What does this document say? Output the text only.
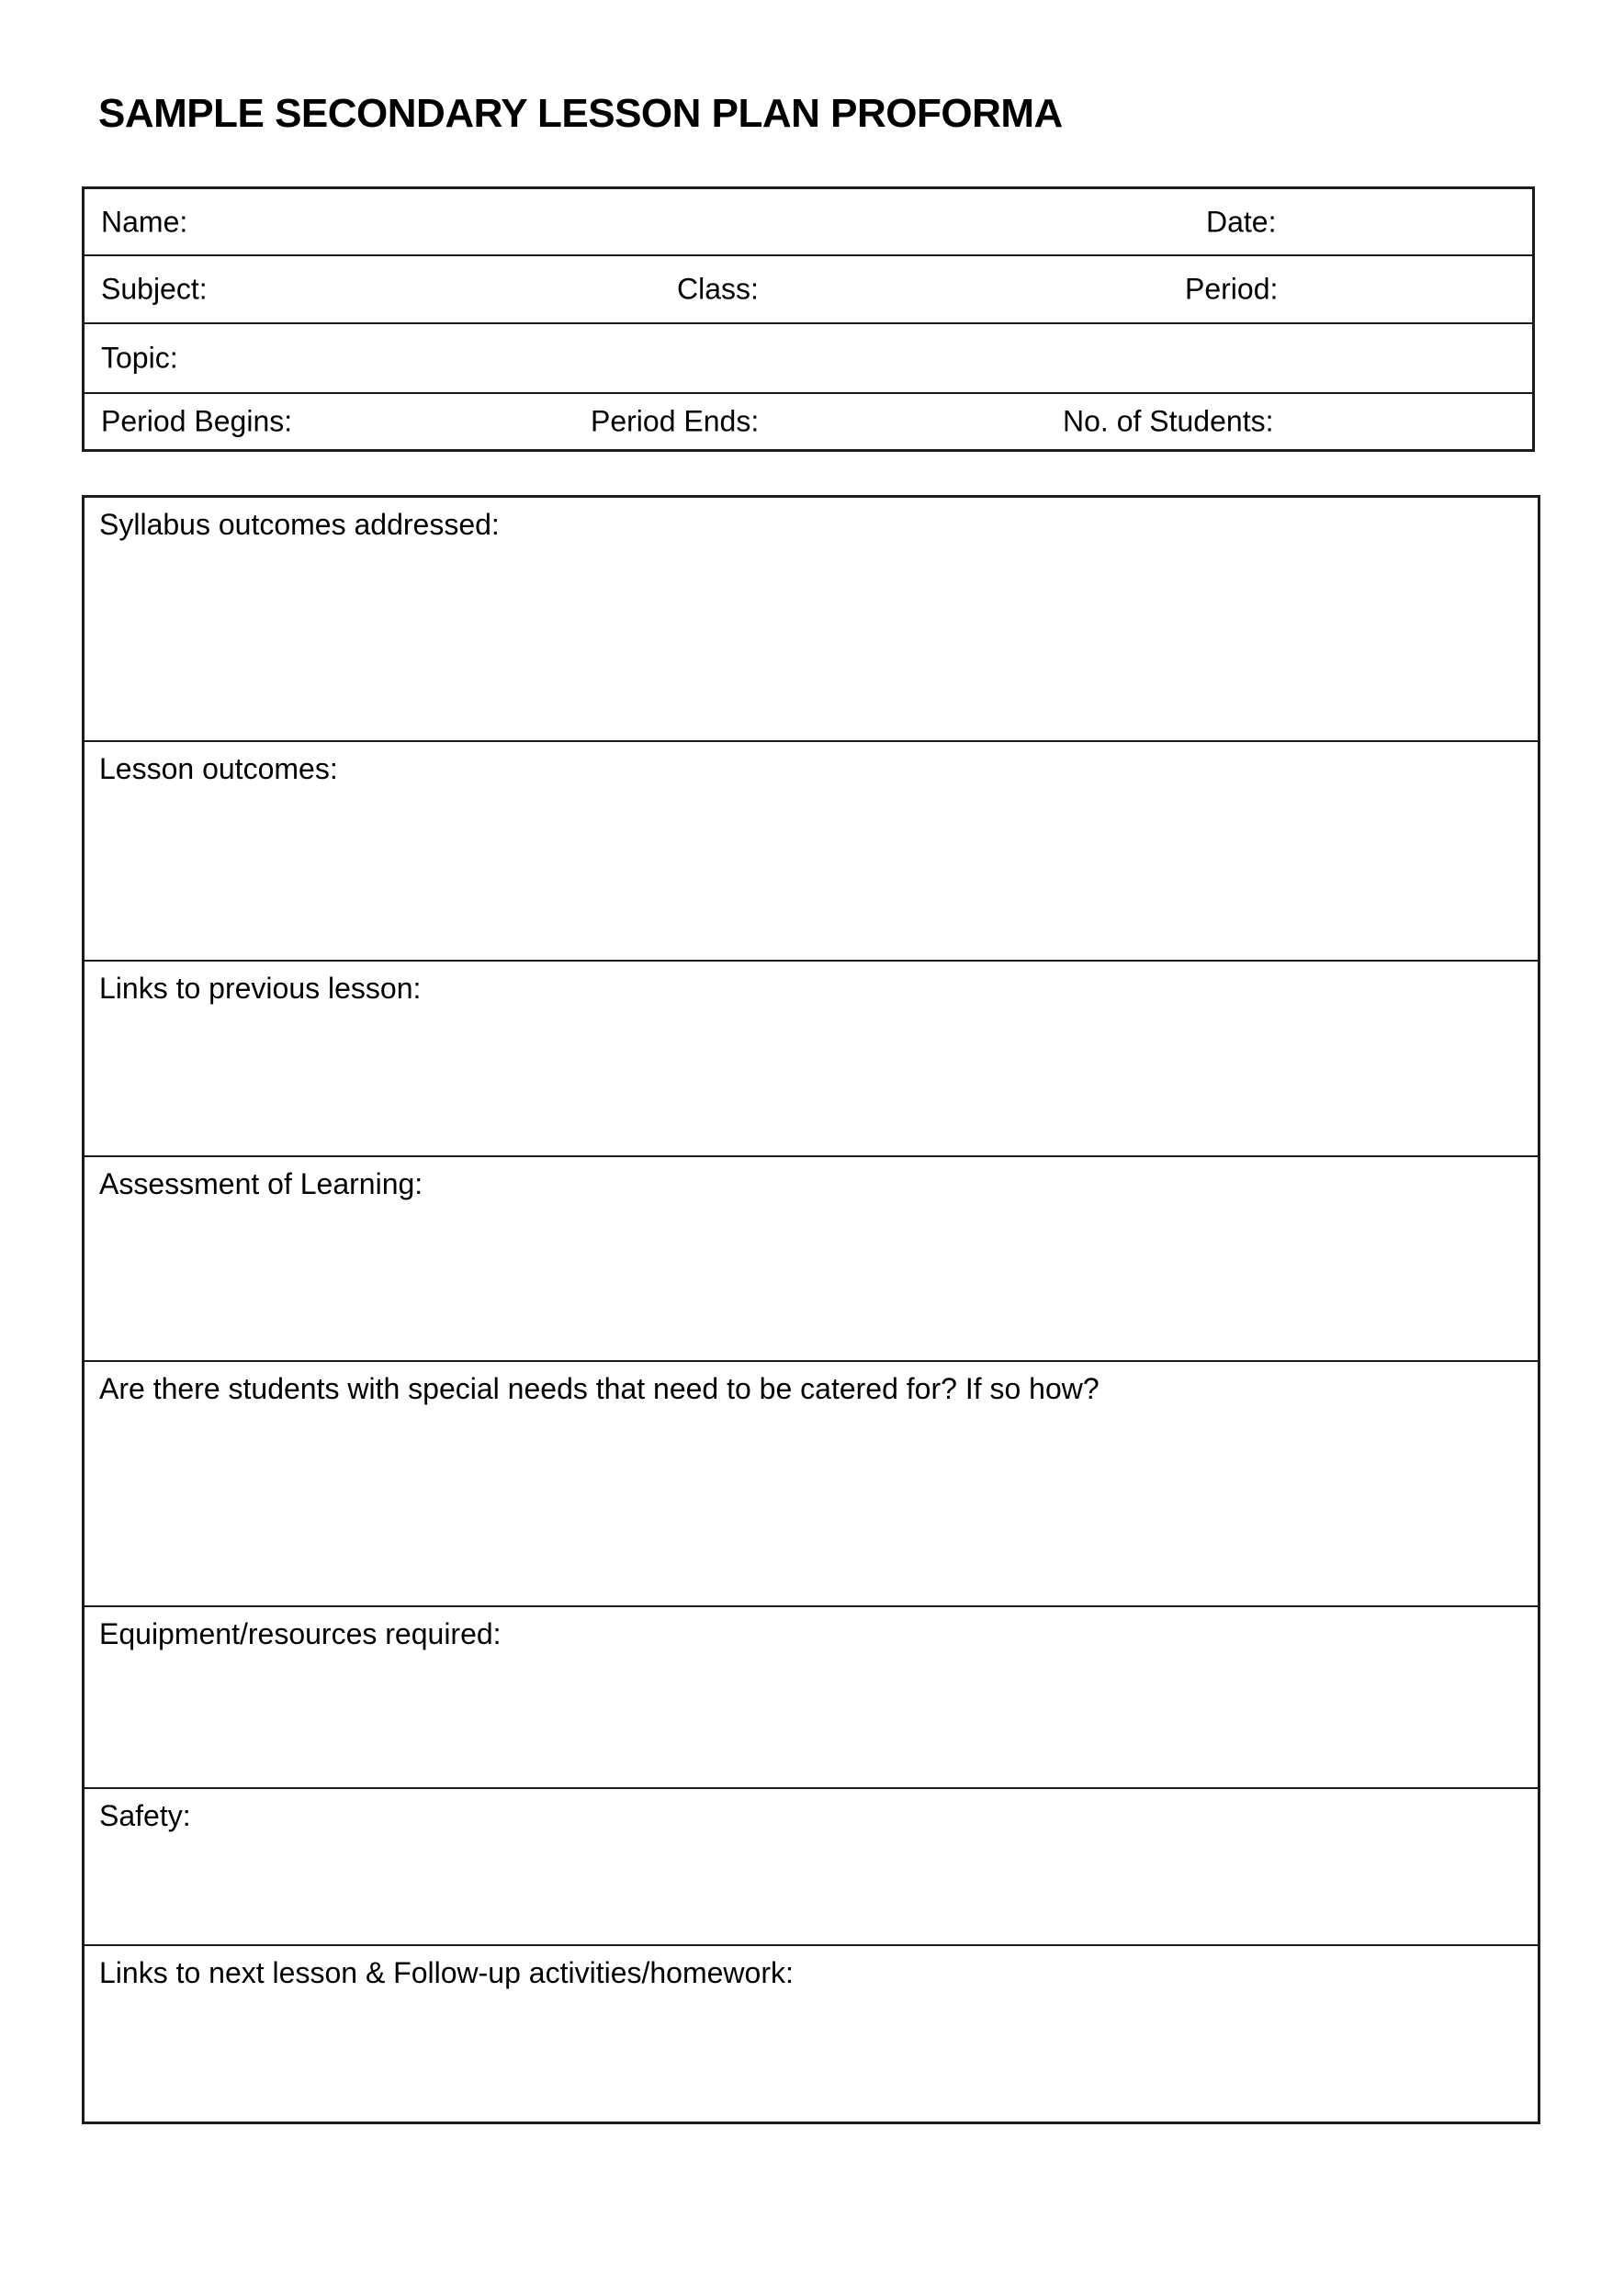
SAMPLE SECONDARY LESSON PLAN PROFORMA
Name:	Date:
Subject:	Class:	Period:
Topic:
Period Begins:	Period Ends:	No. of Students:
Syllabus outcomes addressed:
Lesson outcomes:
Links to previous lesson:
Assessment of Learning:
Are there students with special needs that need to be catered for? If so how?
Equipment/resources required:
Safety:
Links to next lesson & Follow-up activities/homework:
